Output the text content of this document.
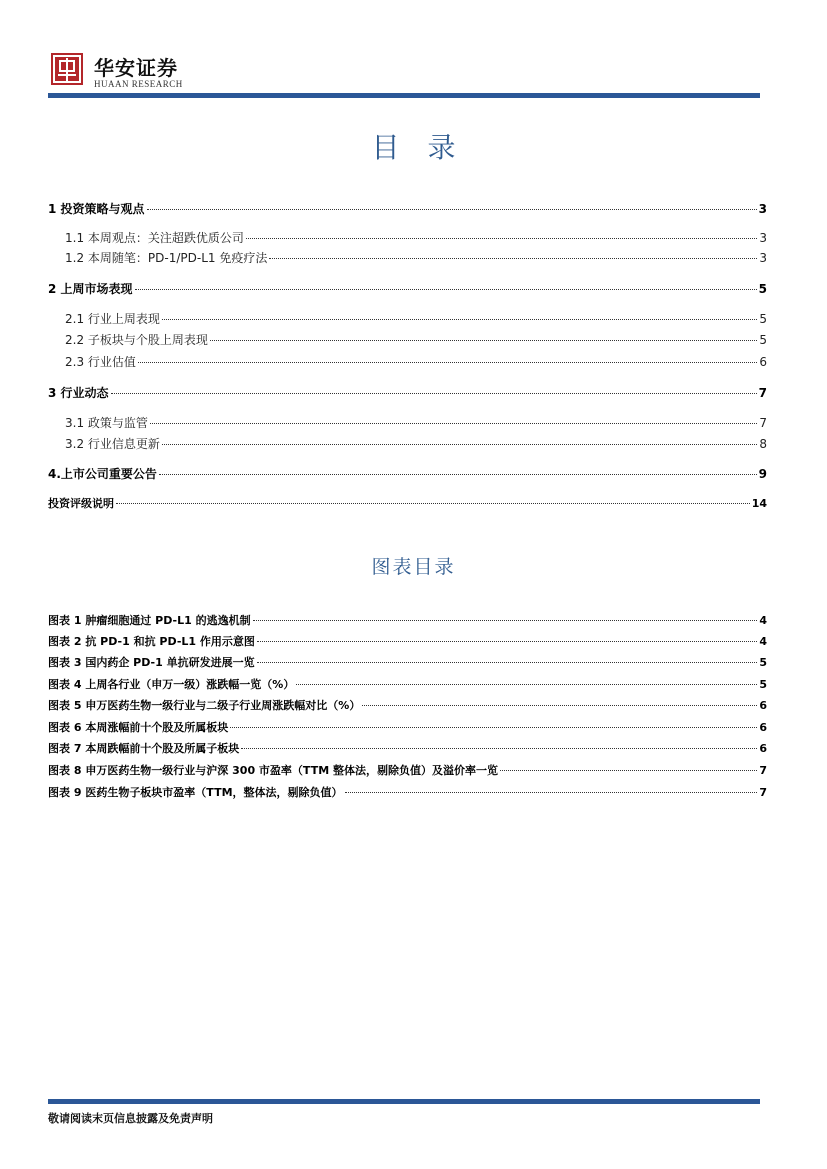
华安证券
HUAAN RESEARCH
目录
1 投资策略与观点	3
1.1 本周观点：关注超跌优质公司	3
1.2 本周随笔：PD-1/PD-L1 免疫疗法	3
2 上周市场表现	5
2.1 行业上周表现	5
2.2 子板块与个股上周表现	5
2.3 行业估值	6
3 行业动态	7
3.1 政策与监管	7
3.2 行业信息更新	8
4.上市公司重要公告	9
投资评级说明	14
图表目录
图表 1 肿瘤细胞通过 PD-L1 的逃逸机制	4
图表 2 抗 PD-1 和抗 PD-L1 作用示意图	4
图表 3 国内药企 PD-1 单抗研发进展一览	5
图表 4 上周各行业（申万一级）涨跌幅一览（%）	5
图表 5 申万医药生物一级行业与二级子行业周涨跌幅对比（%）	6
图表 6 本周涨幅前十个股及所属板块	6
图表 7 本周跌幅前十个股及所属子板块	6
图表 8 申万医药生物一级行业与沪深 300 市盈率（TTM 整体法，剔除负值）及溢价率一览	7
图表 9 医药生物子板块市盈率（TTM，整体法，剔除负值）	7
敬请阅读末页信息披露及免责声明
